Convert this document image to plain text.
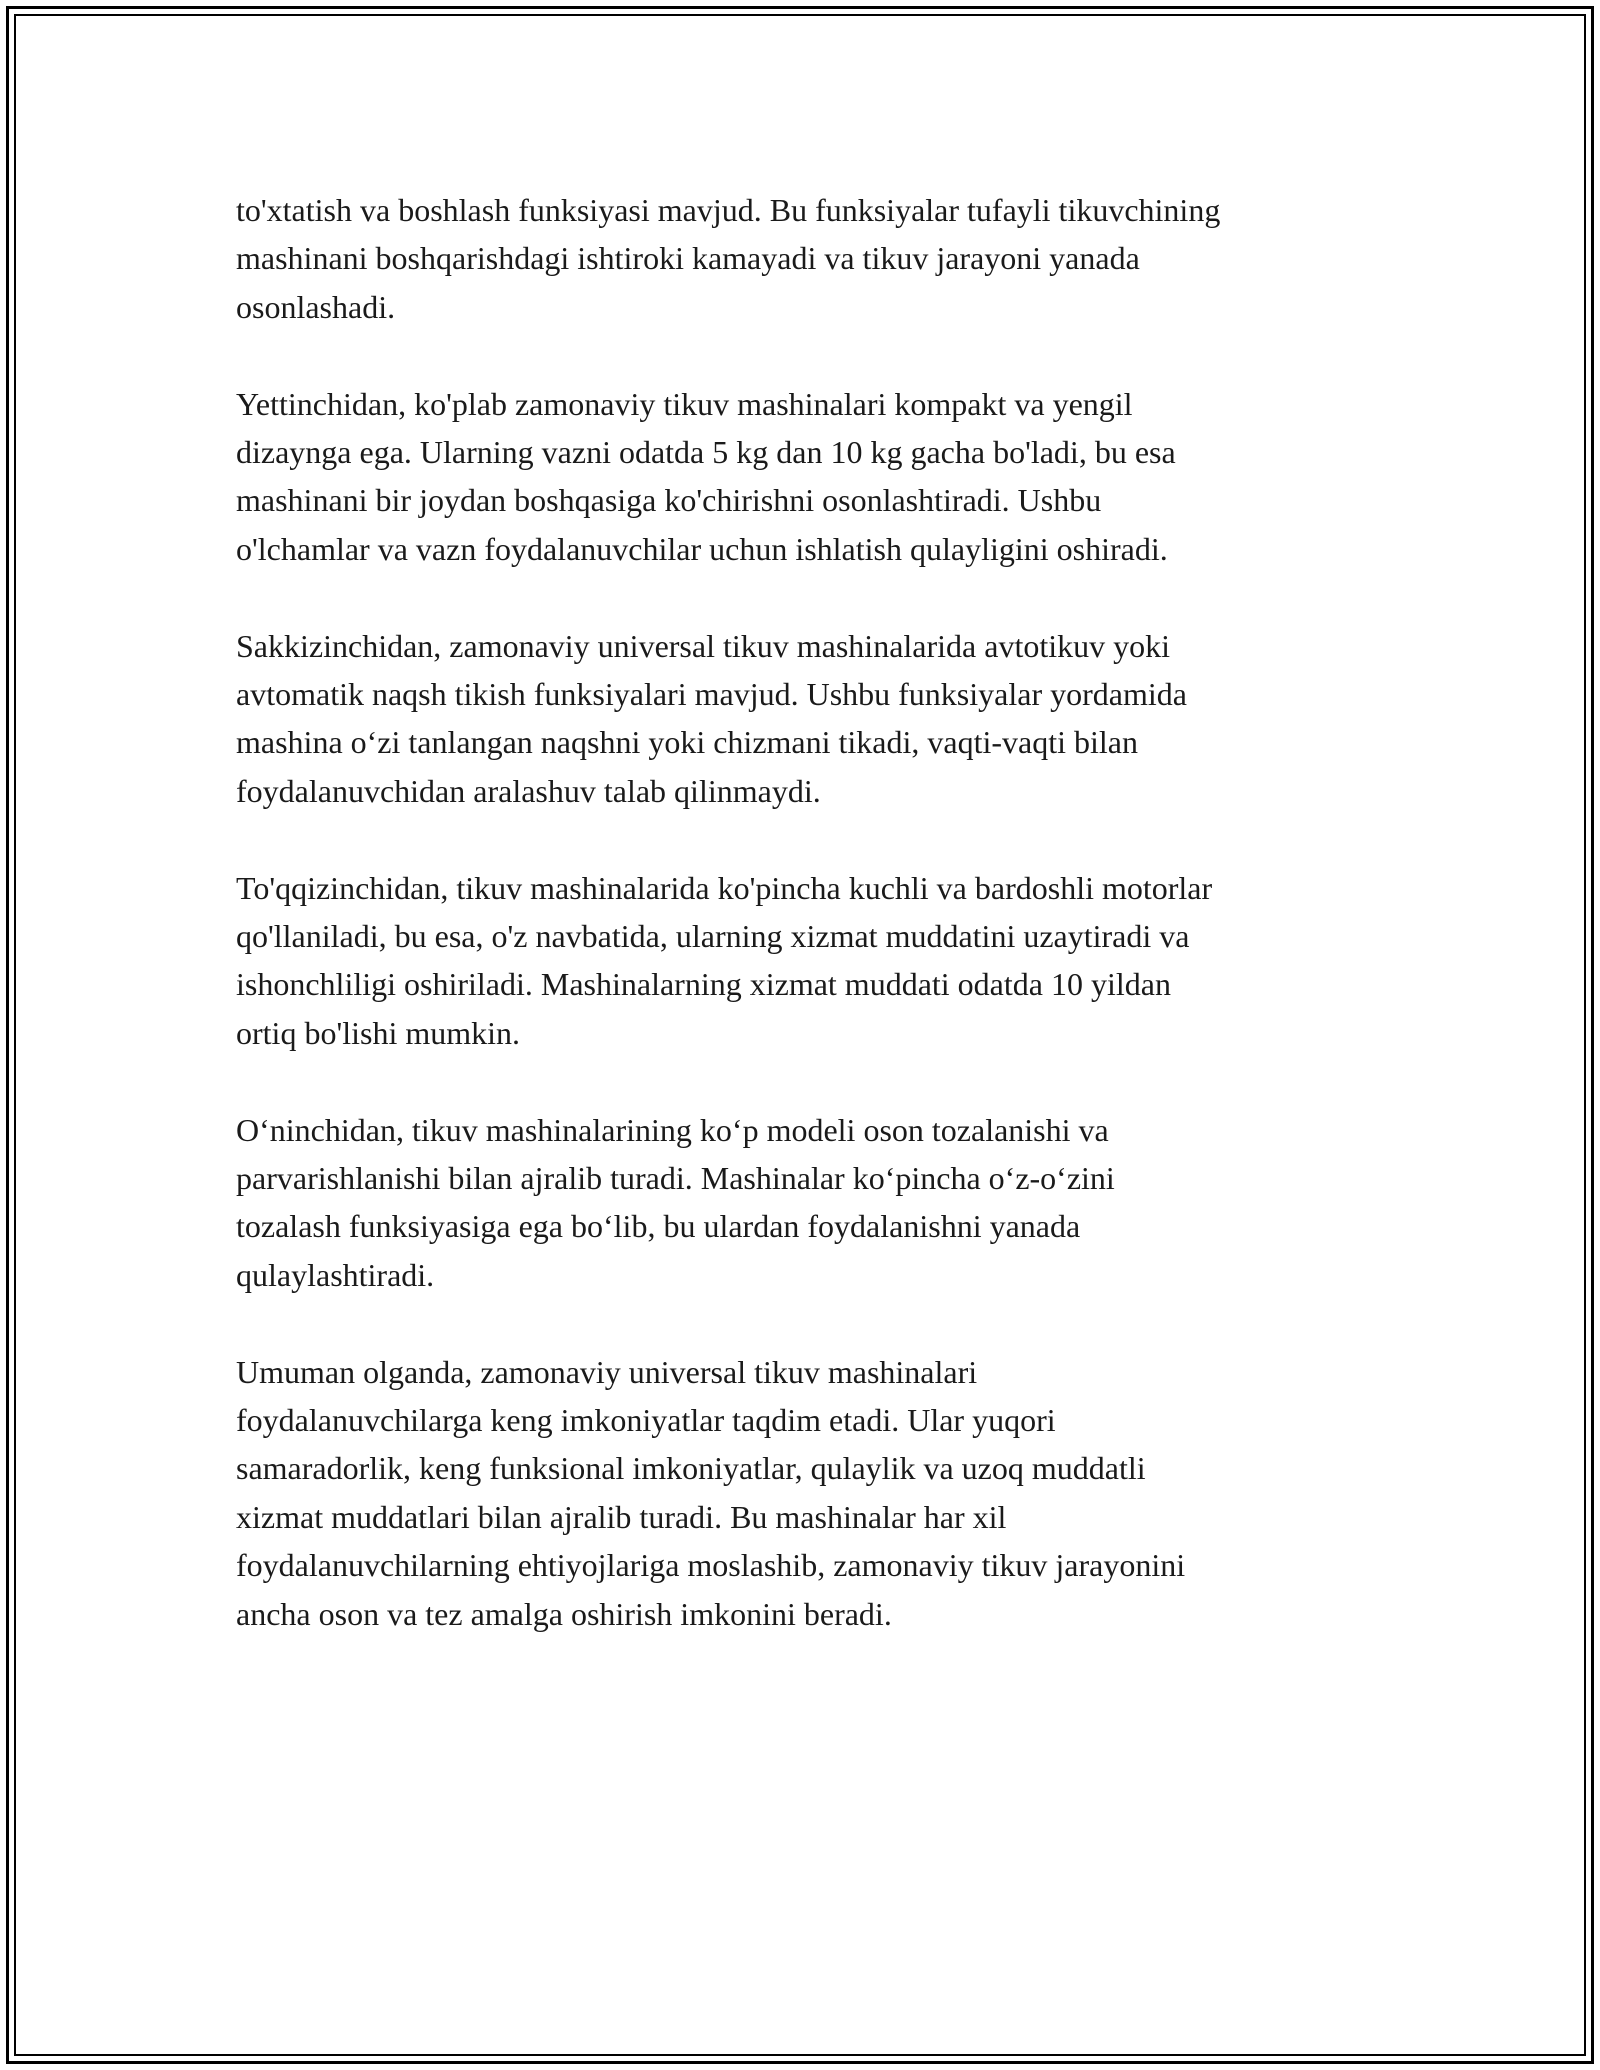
to'xtatish va boshlash funksiyasi mavjud. Bu funksiyalar tufayli tikuvchining
mashinani boshqarishdagi ishtiroki kamayadi va tikuv jarayoni yanada
osonlashadi.

Yettinchidan, ko'plab zamonaviy tikuv mashinalari kompakt va yengil
dizaynga ega. Ularning vazni odatda 5 kg dan 10 kg gacha bo'ladi, bu esa
mashinani bir joydan boshqasiga ko'chirishni osonlashtiradi. Ushbu
o'lchamlar va vazn foydalanuvchilar uchun ishlatish qulayligini oshiradi.

Sakkizinchidan, zamonaviy universal tikuv mashinalarida avtotikuv yoki
avtomatik naqsh tikish funksiyalari mavjud. Ushbu funksiyalar yordamida
mashina o‘zi tanlangan naqshni yoki chizmani tikadi, vaqti-vaqti bilan
foydalanuvchidan aralashuv talab qilinmaydi.

To'qqizinchidan, tikuv mashinalarida ko'pincha kuchli va bardoshli motorlar
qo'llaniladi, bu esa, o'z navbatida, ularning xizmat muddatini uzaytiradi va
ishonchliligi oshiriladi. Mashinalarning xizmat muddati odatda 10 yildan
ortiq bo'lishi mumkin.

O‘ninchidan, tikuv mashinalarining ko‘p modeli oson tozalanishi va
parvarishlanishi bilan ajralib turadi. Mashinalar ko‘pincha o‘z-o‘zini
tozalash funksiyasiga ega bo‘lib, bu ulardan foydalanishni yanada
qulaylashtiradi.

Umuman olganda, zamonaviy universal tikuv mashinalari
foydalanuvchilarga keng imkoniyatlar taqdim etadi. Ular yuqori
samaradorlik, keng funksional imkoniyatlar, qulaylik va uzoq muddatli
xizmat muddatlari bilan ajralib turadi. Bu mashinalar har xil
foydalanuvchilarning ehtiyojlariga moslashib, zamonaviy tikuv jarayonini
ancha oson va tez amalga oshirish imkonini beradi.
